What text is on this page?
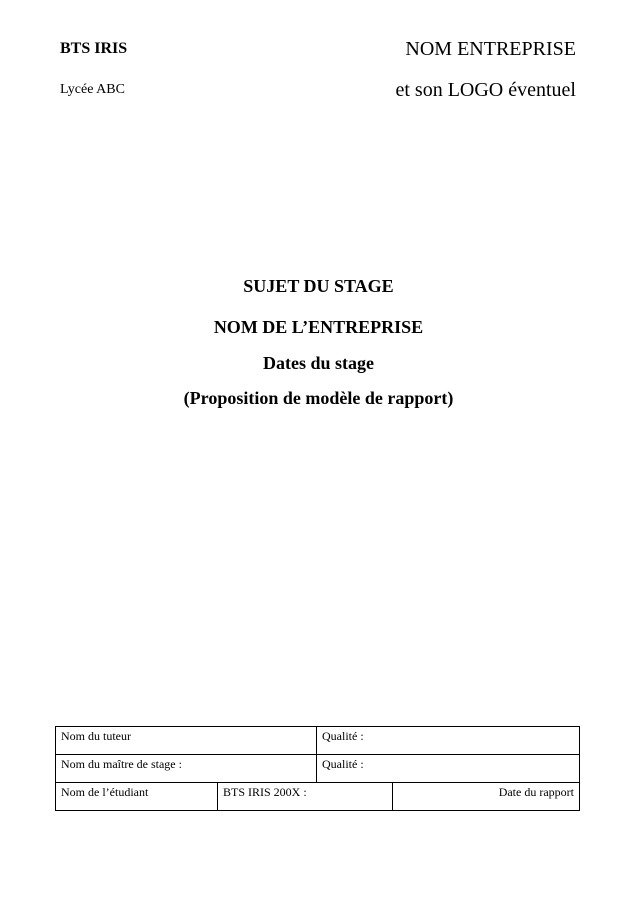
BTS IRIS
Lycée ABC
NOM ENTREPRISE
et son LOGO éventuel
SUJET DU STAGE
NOM DE L’ENTREPRISE
Dates du stage
(Proposition de modèle de rapport)
Nom du tuteur		Qualité :	
Nom du maître de stage :		Qualité :	
Nom de l’étudiant	BTS IRIS 200X :		Date du rapport
